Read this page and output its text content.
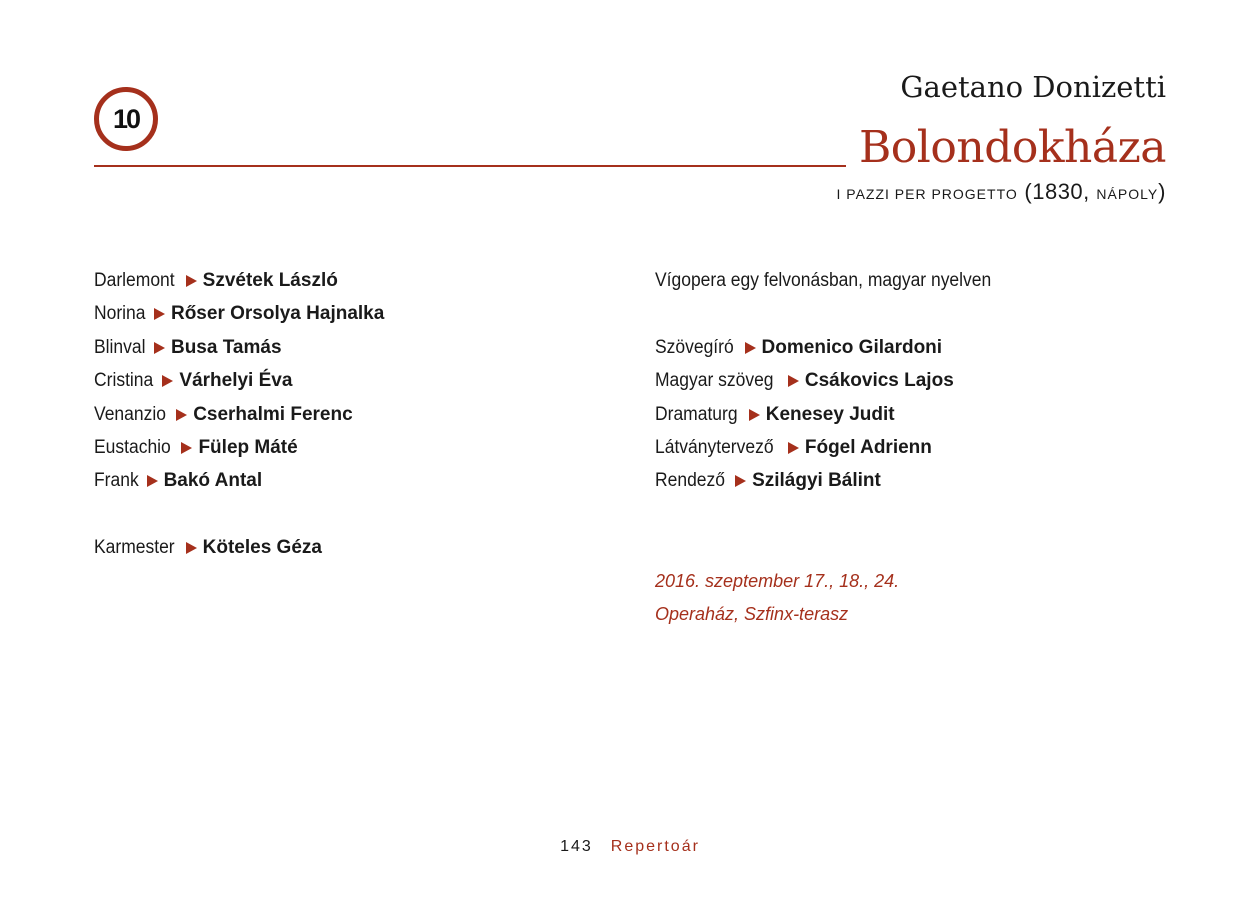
10
Gaetano Donizetti
Bolondokháza
I PAZZI PER PROGETTO (1830, NÁPOLY)
Darlemont Szvétek László
Norina Rőser Orsolya Hajnalka
Blinval Busa Tamás
Cristina Várhelyi Éva
Venanzio Cserhalmi Ferenc
Eustachio Fülep Máté
Frank Bakó Antal
Karmester Köteles Géza
Vígopera egy felvonásban, magyar nyelven
Szövegíró Domenico Gilardoni
Magyar szöveg Csákovics Lajos
Dramaturg Kenesey Judit
Látványtervező Fógel Adrienn
Rendező Szilágyi Bálint
2016. szeptember 17., 18., 24.
Operaház, Szfinx-terasz
143 Repertoár
